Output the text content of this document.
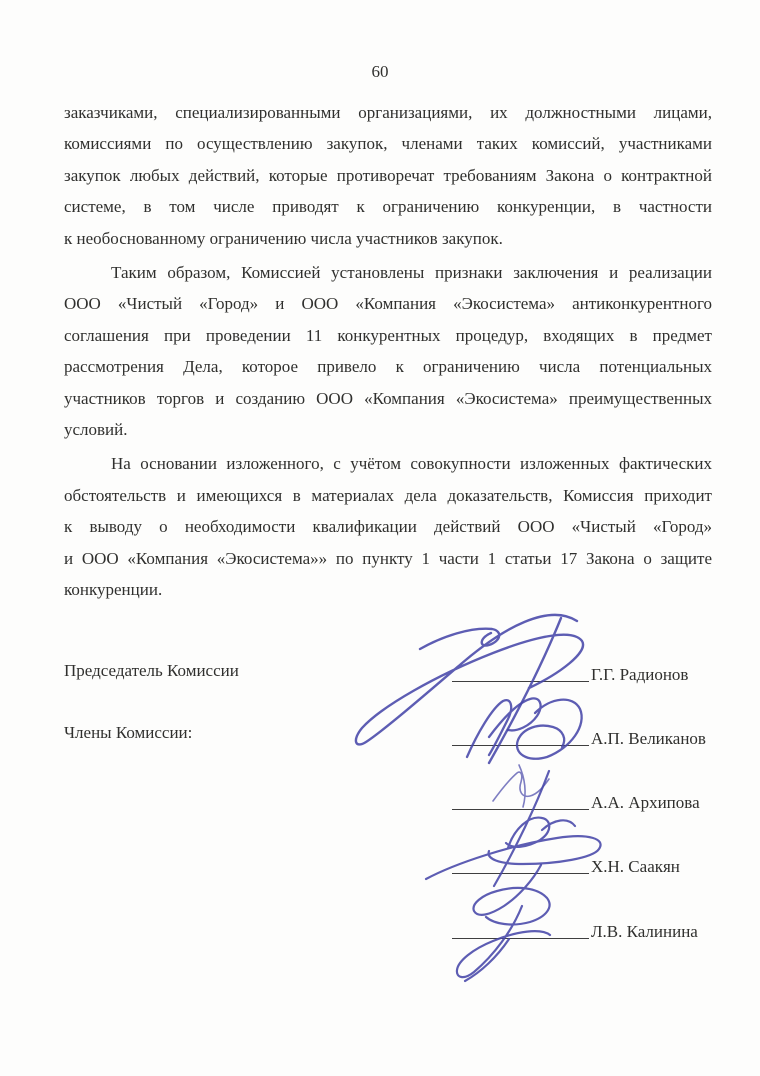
60
заказчиками, специализированными организациями, их должностными лицами,
комиссиями по осуществлению закупок, членами таких комиссий, участниками
закупок любых действий, которые противоречат требованиям Закона о контрактной
системе, в том числе приводят к ограничению конкуренции, в частности
к необоснованному ограничению числа участников закупок.
Таким образом, Комиссией установлены признаки заключения и реализации
ООО «Чистый «Город» и ООО «Компания «Экосистема» антиконкурентного
соглашения при проведении 11 конкурентных процедур, входящих в предмет
рассмотрения Дела, которое привело к ограничению числа потенциальных
участников торгов и созданию ООО «Компания «Экосистема» преимущественных
условий.
На основании изложенного, с учётом совокупности изложенных фактических
обстоятельств и имеющихся в материалах дела доказательств, Комиссия приходит
к выводу о необходимости квалификации действий ООО «Чистый «Город»
и ООО «Компания «Экосистема»» по пункту 1 части 1 статьи 17 Закона о защите
конкуренции.
Председатель Комиссии
Члены Комиссии:
Г.Г. Радионов
А.П. Великанов
А.А. Архипова
Х.Н. Саакян
Л.В. Калинина
